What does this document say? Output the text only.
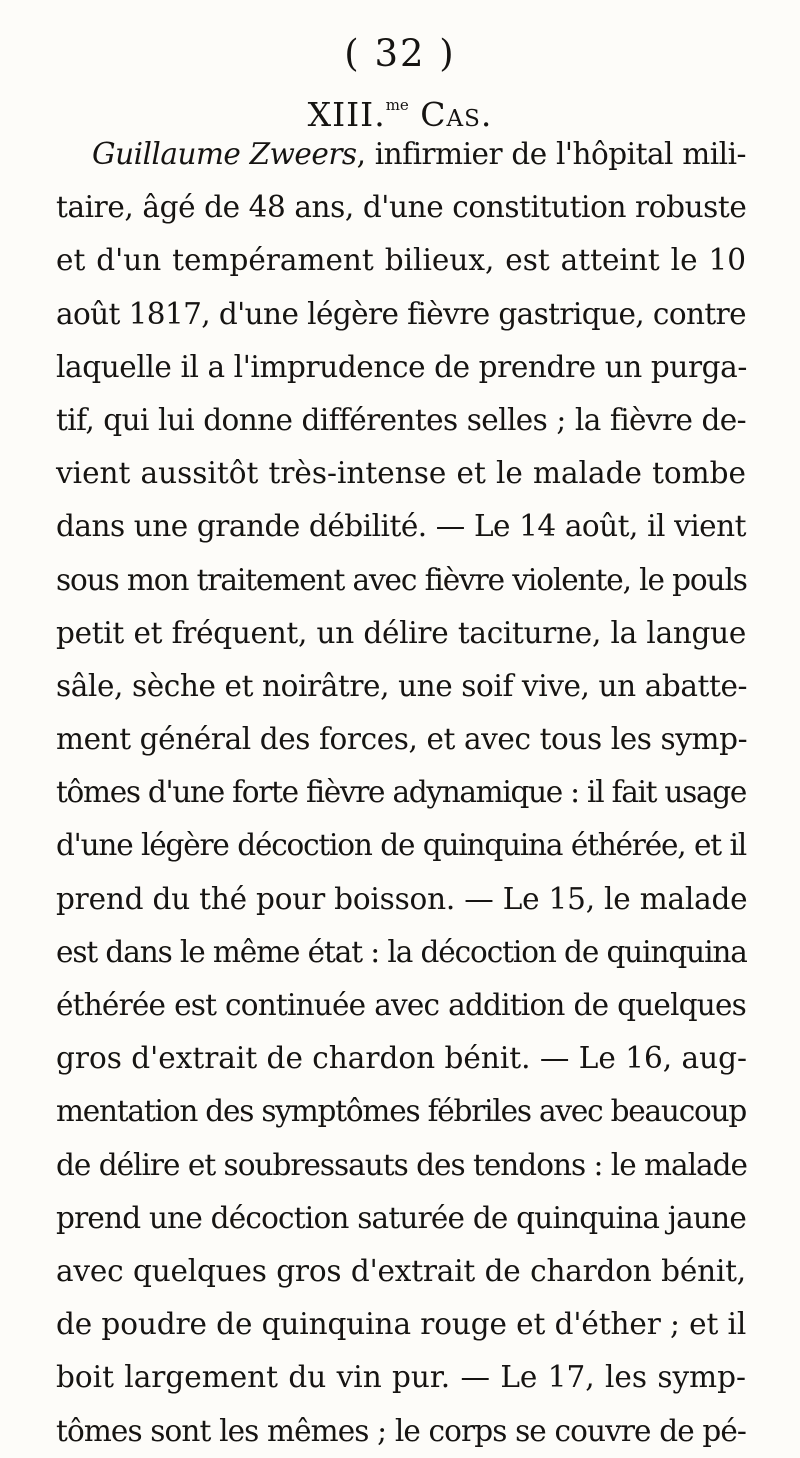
( 32 )
XIII.$^{me}$ Cas.
Guillaume Zweers, infirmier de l'hôpital mili-
taire, âgé de 48 ans, d'une constitution robuste
et d'un tempérament bilieux, est atteint le 10
août 1817, d'une légère fièvre gastrique, contre
laquelle il a l'imprudence de prendre un purga-
tif, qui lui donne différentes selles ; la fièvre de-
vient aussitôt très-intense et le malade tombe
dans une grande débilité. — Le 14 août, il vient
sous mon traitement avec fièvre violente, le pouls
petit et fréquent, un délire taciturne, la langue
sâle, sèche et noirâtre, une soif vive, un abatte-
ment général des forces, et avec tous les symp-
tômes d'une forte fièvre adynamique : il fait usage
d'une légère décoction de quinquina éthérée, et il
prend du thé pour boisson. — Le 15, le malade
est dans le même état : la décoction de quinquina
éthérée est continuée avec addition de quelques
gros d'extrait de chardon bénit. — Le 16, aug-
mentation des symptômes fébriles avec beaucoup
de délire et soubressauts des tendons : le malade
prend une décoction saturée de quinquina jaune
avec quelques gros d'extrait de chardon bénit,
de poudre de quinquina rouge et d'éther ; et il
boit largement du vin pur. — Le 17, les symp-
tômes sont les mêmes ; le corps se couvre de pé-
